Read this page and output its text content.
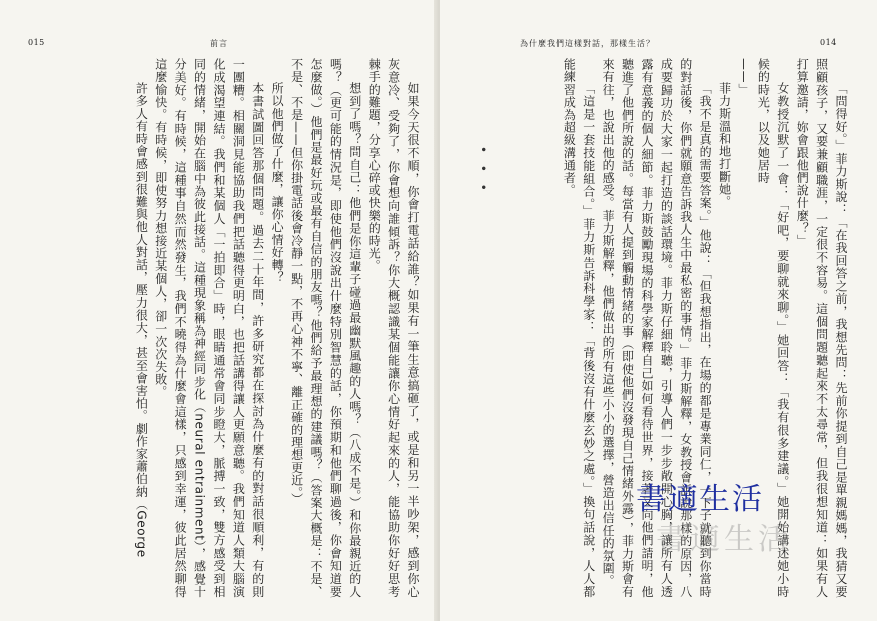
015	前言

如果今天很不順，你會打電話給誰？如果有一筆生意搞砸了，或是和另一半吵架，感到你心灰意冷、受夠了，你會想向誰傾訴？你大概認識某個能讓你心情好起來的人，能協助你好好思考棘手的難題，分享心碎或快樂的時光。

想到了嗎？問自己：他們是你這輩子碰過最幽默風趣的人嗎？（八成不是。）和你最親近的人嗎？（更可能的情況是，即使他們沒說出什麼特別智慧的話，你預期和他們聊過後，你會知道要怎麼做。）他們是最好玩或最有自信的朋友嗎？他們給予最理想的建議嗎？（答案大概是：不是、不是、不是——但你掛電話後會冷靜一點，不再心神不寧、離正確的理想更近。）

所以他們做了什麼，讓你心情好轉？

本書試圖回答那個問題。過去二十年間，許多研究都在探討為什麼有的對話很順利，有的則一團糟。相關洞見能協助我們把話聽得更明白，也把話講得讓人更願意聽。我們知道人類大腦演化成渴望連結。我們和某個人「一拍即合」時，眼睛通常會同步瞪大，脈搏一致，雙方感受到相同的情緒，開始在腦中為彼此接話。這種現象稱為神經同步化（neural entrainment），感覺十分美好。有時候，這種事自然而然發生，我們不曉得為什麼會這樣，只感到幸運，彼此居然聊得這麼愉快。有時候，即使努力想接近某個人，卻一次次失敗。

許多人有時會感到很難與他人對話，壓力很大，甚至會害怕。劇作家蕭伯納（George

為什麼我們這樣對話，那樣生活？	014

「問得好。」菲力斯說：「在我回答之前，我想先問：先前你提到自己是單親媽媽，我猜又要照顧孩子，又要兼顧職涯，一定很不容易。這個問題聽起來不太尋常，但我很想知道：如果有人打算邀請，妳會跟他們說什麼？」

女教授沉默了一會：「好吧，要聊就來聊。」她回答：「我有很多建議。」她開始講述她小時候的時光，以及她居時

——」

菲力斯溫和地打斷她。

「我不是真的需要答案。」他說：「但我想指出，在場的都是專業同仁，一下子就聽到你當時的對話後，你們就願意告訴我人生中最私密的事情。」菲力斯解釋，女教授會訴說那樣的原因，八成要歸功於大家一起打造的談話環境。菲力斯仔細聆聽，引導人們一步步敞開心胸，讓所有人透露有意義的個人細節。菲力斯鼓勵現場的科學家解釋自己如何看待世界，接著又向他們請明，他聽進了他們所說的話。每當有人提到觸動情緒的事（即使他們沒發現自己情緒外露），菲力斯會有來有往，也說出他的感受。菲力斯解釋，他們做出的所有這些小小的選擇，營造出信任的氛圍。

「這是一套技能組合。」菲力斯告訴科學家：「背後沒有什麼玄妙之處。」換句話說，人人都能練習成為超級溝通者。

• • •
書適生活
書適生活
